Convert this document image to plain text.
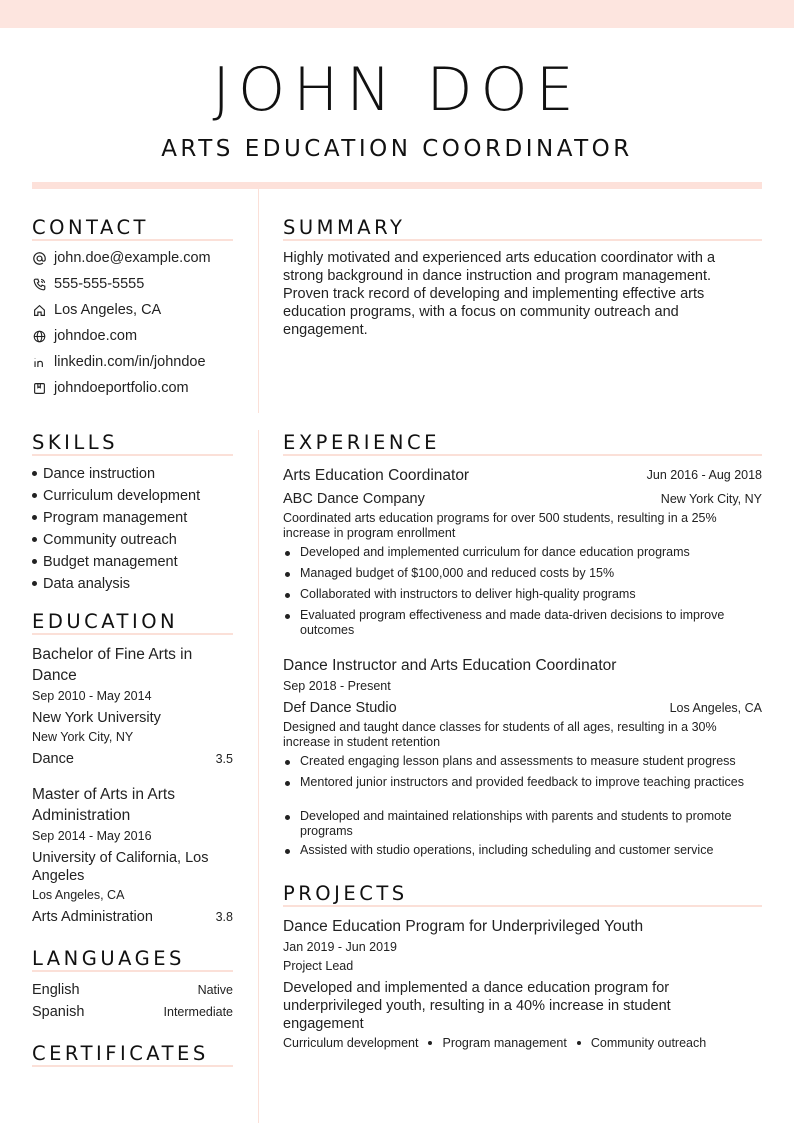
JOHN DOE
ARTS EDUCATION COORDINATOR
CONTACT
john.doe@example.com
555-555-5555
Los Angeles, CA
johndoe.com
linkedin.com/in/johndoe
johndoeportfolio.com
SUMMARY
Highly motivated and experienced arts education coordinator with a strong background in dance instruction and program management. Proven track record of developing and implementing effective arts education programs, with a focus on community outreach and engagement.
SKILLS
Dance instruction
Curriculum development
Program management
Community outreach
Budget management
Data analysis
EDUCATION
Bachelor of Fine Arts in Dance
Sep 2010 - May 2014
New York University
New York City, NY
Dance	3.5
Master of Arts in Arts Administration
Sep 2014 - May 2016
University of California, Los Angeles
Los Angeles, CA
Arts Administration	3.8
LANGUAGES
English	Native
Spanish	Intermediate
CERTIFICATES
EXPERIENCE
Arts Education Coordinator	Jun 2016 - Aug 2018
ABC Dance Company	New York City, NY
Coordinated arts education programs for over 500 students, resulting in a 25% increase in program enrollment
Developed and implemented curriculum for dance education programs
Managed budget of $100,000 and reduced costs by 15%
Collaborated with instructors to deliver high-quality programs
Evaluated program effectiveness and made data-driven decisions to improve outcomes
Dance Instructor and Arts Education Coordinator
Sep 2018 - Present
Def Dance Studio	Los Angeles, CA
Designed and taught dance classes for students of all ages, resulting in a 30% increase in student retention
Created engaging lesson plans and assessments to measure student progress
Mentored junior instructors and provided feedback to improve teaching practices
Developed and maintained relationships with parents and students to promote programs
Assisted with studio operations, including scheduling and customer service
PROJECTS
Dance Education Program for Underprivileged Youth
Jan 2019 - Jun 2019
Project Lead
Developed and implemented a dance education program for underprivileged youth, resulting in a 40% increase in student engagement
Curriculum development Program management Community outreach
